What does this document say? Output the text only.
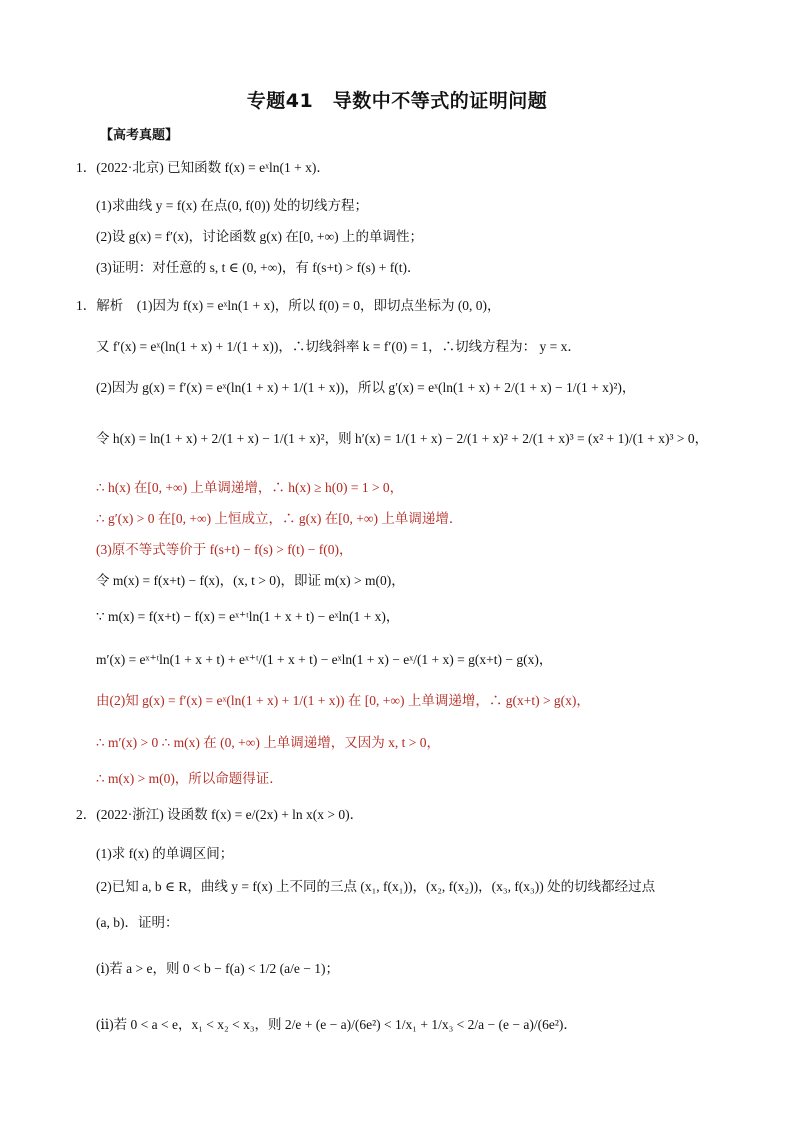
专题41　导数中不等式的证明问题
【高考真题】
1．(2022·北京) 已知函数 f(x) = eˣln(1 + x)．
(1)求曲线 y = f(x) 在点(0, f(0)) 处的切线方程；
(2)设 g(x) = f′(x)，讨论函数 g(x) 在[0, +∞) 上的单调性；
(3)证明：对任意的 s, t ∈ (0, +∞)，有 f(s+t) > f(s) + f(t)．
1．解析　(1)因为 f(x) = eˣln(1 + x)，所以 f(0) = 0，即切点坐标为 (0, 0)，
又 f′(x) = eˣ(ln(1 + x) + 1/(1 + x))，∴切线斜率 k = f′(0) = 1，∴切线方程为： y = x．
(2)因为 g(x) = f′(x) = eˣ(ln(1 + x) + 1/(1 + x))，所以 g′(x) = eˣ(ln(1 + x) + 2/(1 + x) − 1/(1 + x)²)，
令 h(x) = ln(1 + x) + 2/(1 + x) − 1/(1 + x)²，则 h′(x) = 1/(1 + x) − 2/(1 + x)² + 2/(1 + x)³ = (x² + 1)/(1 + x)³ > 0，
∴ h(x) 在[0, +∞) 上单调递增，∴ h(x) ≥ h(0) = 1 > 0，
∴ g′(x) > 0 在[0, +∞) 上恒成立，∴ g(x) 在[0, +∞) 上单调递增．
(3)原不等式等价于 f(s+t) − f(s) > f(t) − f(0)，
令 m(x) = f(x+t) − f(x)，(x, t > 0)，即证 m(x) > m(0)，
∵ m(x) = f(x+t) − f(x) = eˣ⁺ᵗln(1 + x + t) − eˣln(1 + x)，
m′(x) = eˣ⁺ᵗln(1 + x + t) + eˣ⁺ᵗ/(1 + x + t) − eˣln(1 + x) − eˣ/(1 + x) = g(x+t) − g(x)，
由(2)知 g(x) = f′(x) = eˣ(ln(1 + x) + 1/(1 + x)) 在 [0, +∞) 上单调递增，∴ g(x+t) > g(x)，
∴ m′(x) > 0 ∴ m(x) 在 (0, +∞) 上单调递增，又因为 x, t > 0，
∴ m(x) > m(0)，所以命题得证．
2．(2022·浙江) 设函数 f(x) = e/(2x) + ln x(x > 0)．
(1)求 f(x) 的单调区间；
(2)已知 a, b ∈ R，曲线 y = f(x) 上不同的三点 (x₁, f(x₁))，(x₂, f(x₂))，(x₃, f(x₃)) 处的切线都经过点
(a, b)．证明：
(ⅰ)若 a > e，则 0 < b − f(a) < 1/2 (a/e − 1)；
(ⅱ)若 0 < a < e，x₁ < x₂ < x₃，则 2/e + (e − a)/(6e²) < 1/x₁ + 1/x₃ < 2/a − (e − a)/(6e²)．
